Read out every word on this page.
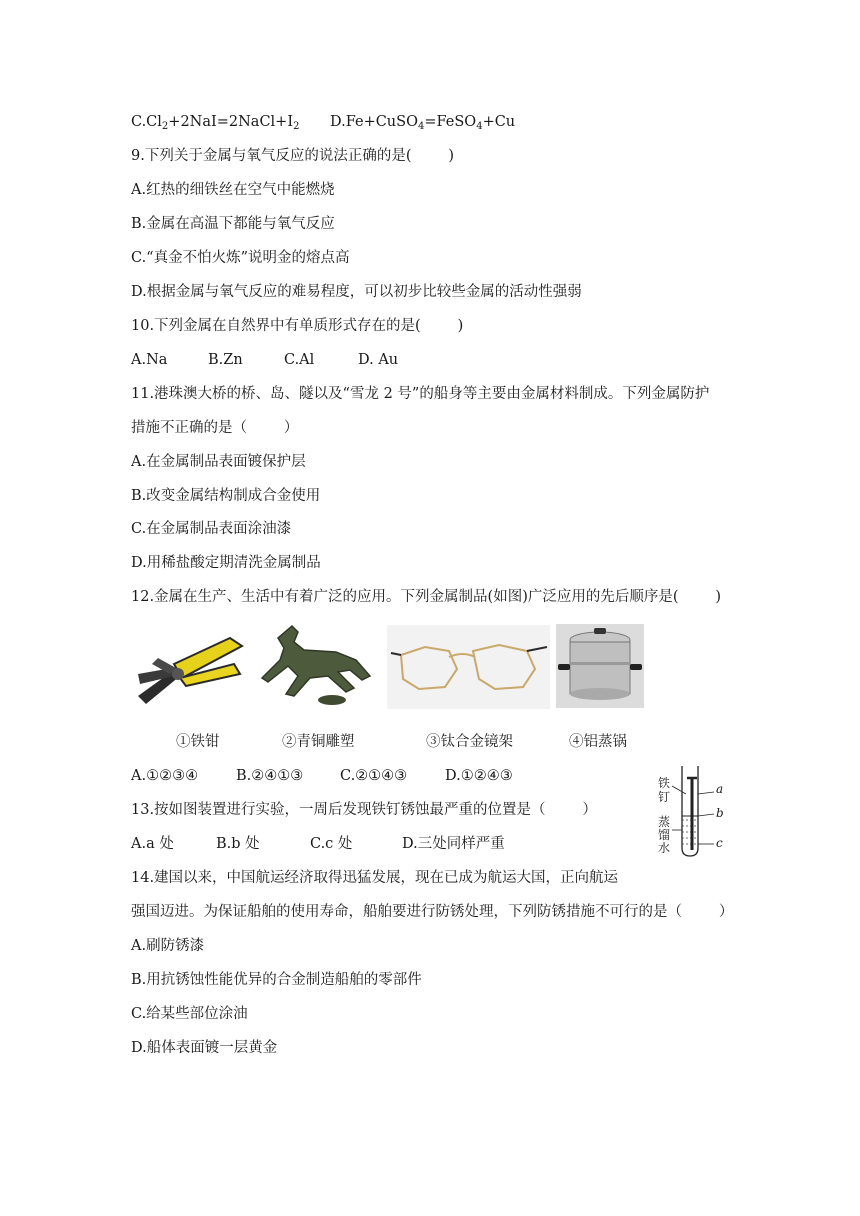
$C.Cl_2+2NaI=2NaCl+I_2$ D.Fe+CuSO$_4$=FeSO$_4$+Cu
9.下列关于金属与氧气反应的说法正确的是(        )
A.红热的细铁丝在空气中能燃烧
B.金属在高温下都能与氧气反应
C.“真金不怕火炼”说明金的熔点高
D.根据金属与氧气反应的难易程度，可以初步比较些金属的活动性强弱
10.下列金属在自然界中有单质形式存在的是(        )
A.Na	B.Zn	C.Al	D. Au
11.港珠澳大桥的桥、岛、隧以及“雪龙 2 号”的船身等主要由金属材料制成。下列金属防护
措施不正确的是（        ）
A.在金属制品表面镀保护层
B.改变金属结构制成合金使用
C.在金属制品表面涂油漆
D.用稀盐酸定期清洗金属制品
12.金属在生产、生活中有着广泛的应用。下列金属制品(如图)广泛应用的先后顺序是(        )
①铁钳	②青铜雕塑	③钛合金镜架	④铝蒸锅
A.①②③④	B.②④①③	C.②①④③	D.①②④③
13.按如图装置进行实验，一周后发现铁钉锈蚀最严重的位置是（        ）
A.a 处	B.b 处	C.c 处	D.三处同样严重
铁
钉
蒸
馏
水
a
b
c
14.建国以来，中国航运经济取得迅猛发展，现在已成为航运大国，正向航运
强国迈进。为保证船舶的使用寿命，船舶要进行防锈处理，下列防锈措施不可行的是（        ）
A.刷防锈漆
B.用抗锈蚀性能优异的合金制造船舶的零部件
C.给某些部位涂油
D.船体表面镀一层黄金
